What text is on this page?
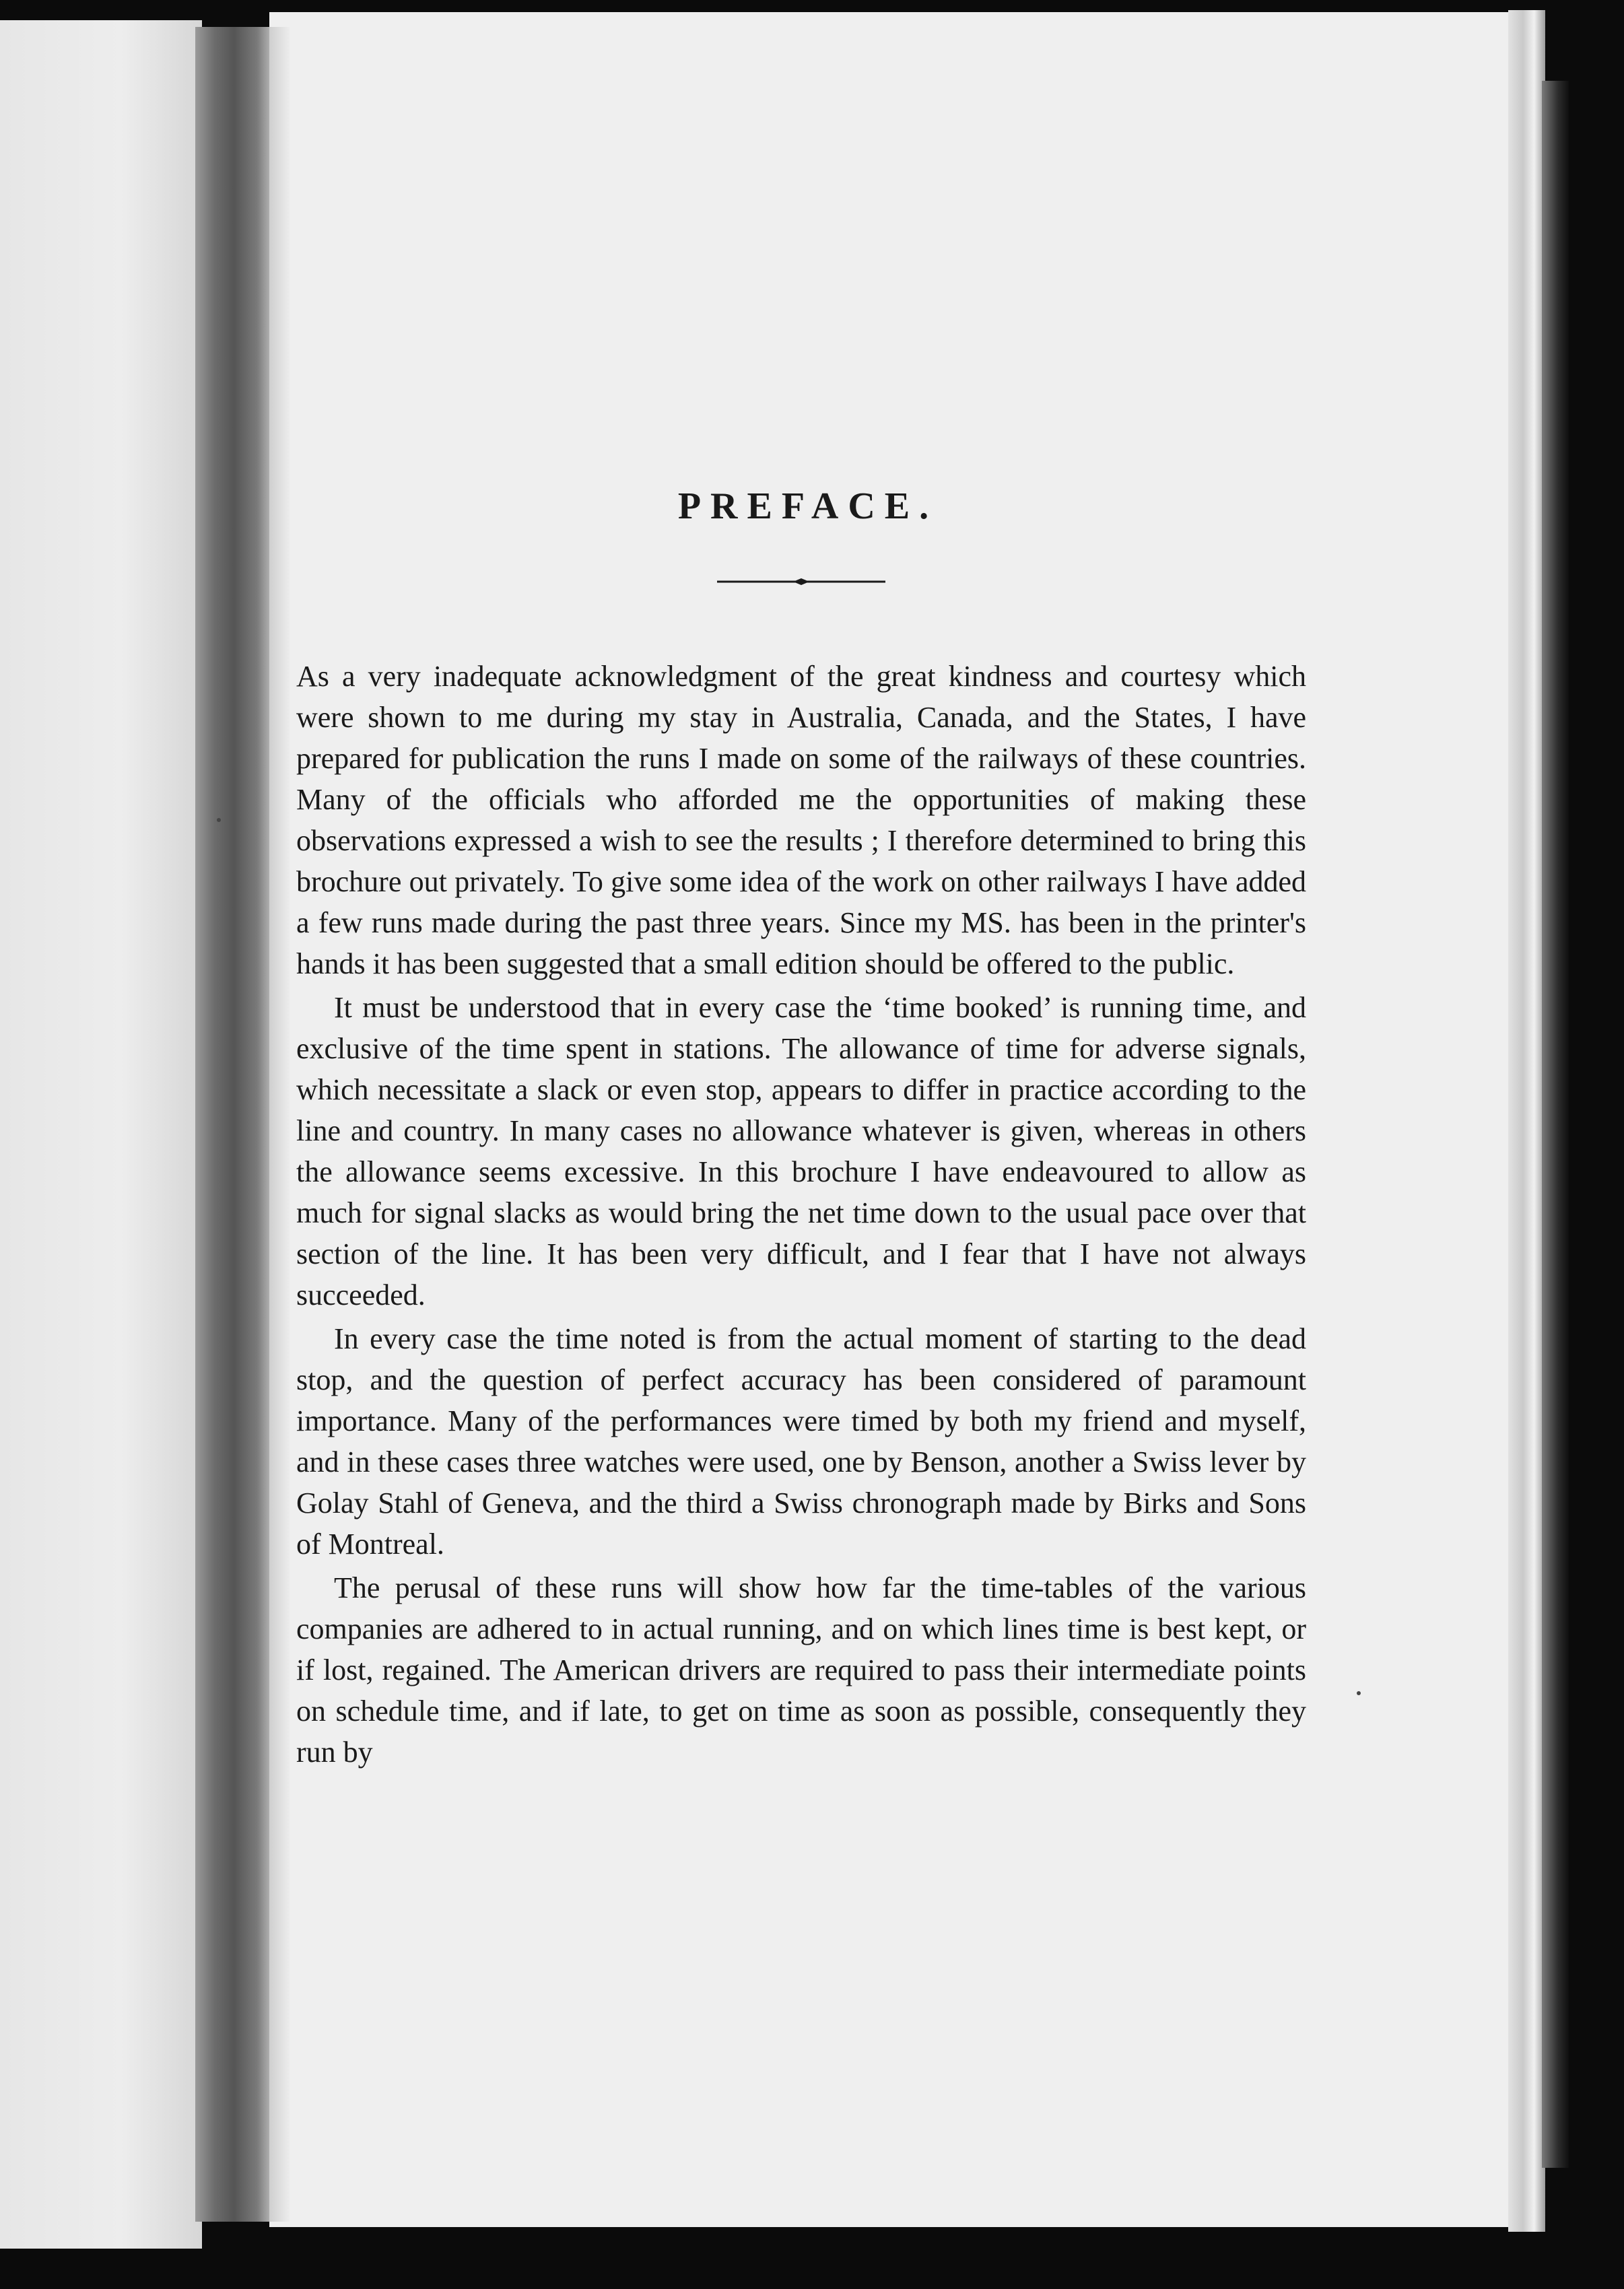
PREFACE.

As a very inadequate acknowledgment of the great kindness and courtesy which were shown to me during my stay in Australia, Canada, and the States, I have prepared for publication the runs I made on some of the railways of these countries. Many of the officials who afforded me the opportunities of making these observations expressed a wish to see the results ; I therefore determined to bring this brochure out privately. To give some idea of the work on other railways I have added a few runs made during the past three years. Since my MS. has been in the printer's hands it has been suggested that a small edition should be offered to the public.

It must be understood that in every case the ‘time booked’ is running time, and exclusive of the time spent in stations. The allowance of time for adverse signals, which necessitate a slack or even stop, appears to differ in practice according to the line and country. In many cases no allowance whatever is given, whereas in others the allowance seems excessive. In this brochure I have endeavoured to allow as much for signal slacks as would bring the net time down to the usual pace over that section of the line. It has been very difficult, and I fear that I have not always succeeded.

In every case the time noted is from the actual moment of starting to the dead stop, and the question of perfect accuracy has been considered of paramount importance. Many of the performances were timed by both my friend and myself, and in these cases three watches were used, one by Benson, another a Swiss lever by Golay Stahl of Geneva, and the third a Swiss chronograph made by Birks and Sons of Montreal.

The perusal of these runs will show how far the time-tables of the various companies are adhered to in actual running, and on which lines time is best kept, or if lost, regained. The American drivers are required to pass their intermediate points on schedule time, and if late, to get on time as soon as possible, consequently they run by
